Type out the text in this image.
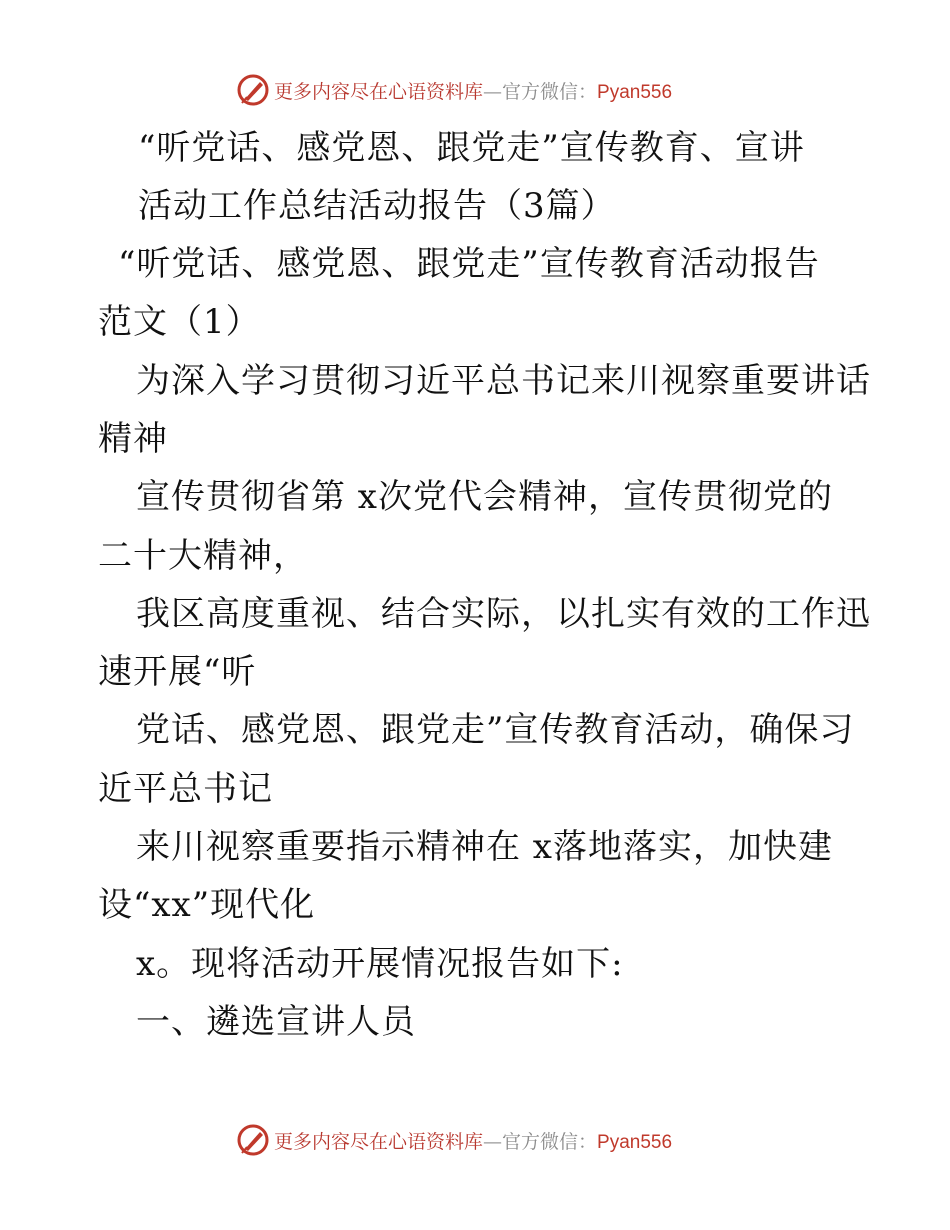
更多内容尽在心语资料库—官方微信：Pyan556
“听党话、感党恩、跟党走”宣传教育、宣讲
活动工作总结活动报告（3篇）
“听党话、感党恩、跟党走”宣传教育活动报告
范文（1）
为深入学习贯彻习近平总书记来川视察重要讲话
精神
宣传贯彻省第 x次党代会精神，宣传贯彻党的
二十大精神，
我区高度重视、结合实际，以扎实有效的工作迅
速开展“听
党话、感党恩、跟党走”宣传教育活动，确保习
近平总书记
来川视察重要指示精神在 x落地落实，加快建
设“xx”现代化
x。现将活动开展情况报告如下:
一、遴选宣讲人员
更多内容尽在心语资料库—官方微信：Pyan556
